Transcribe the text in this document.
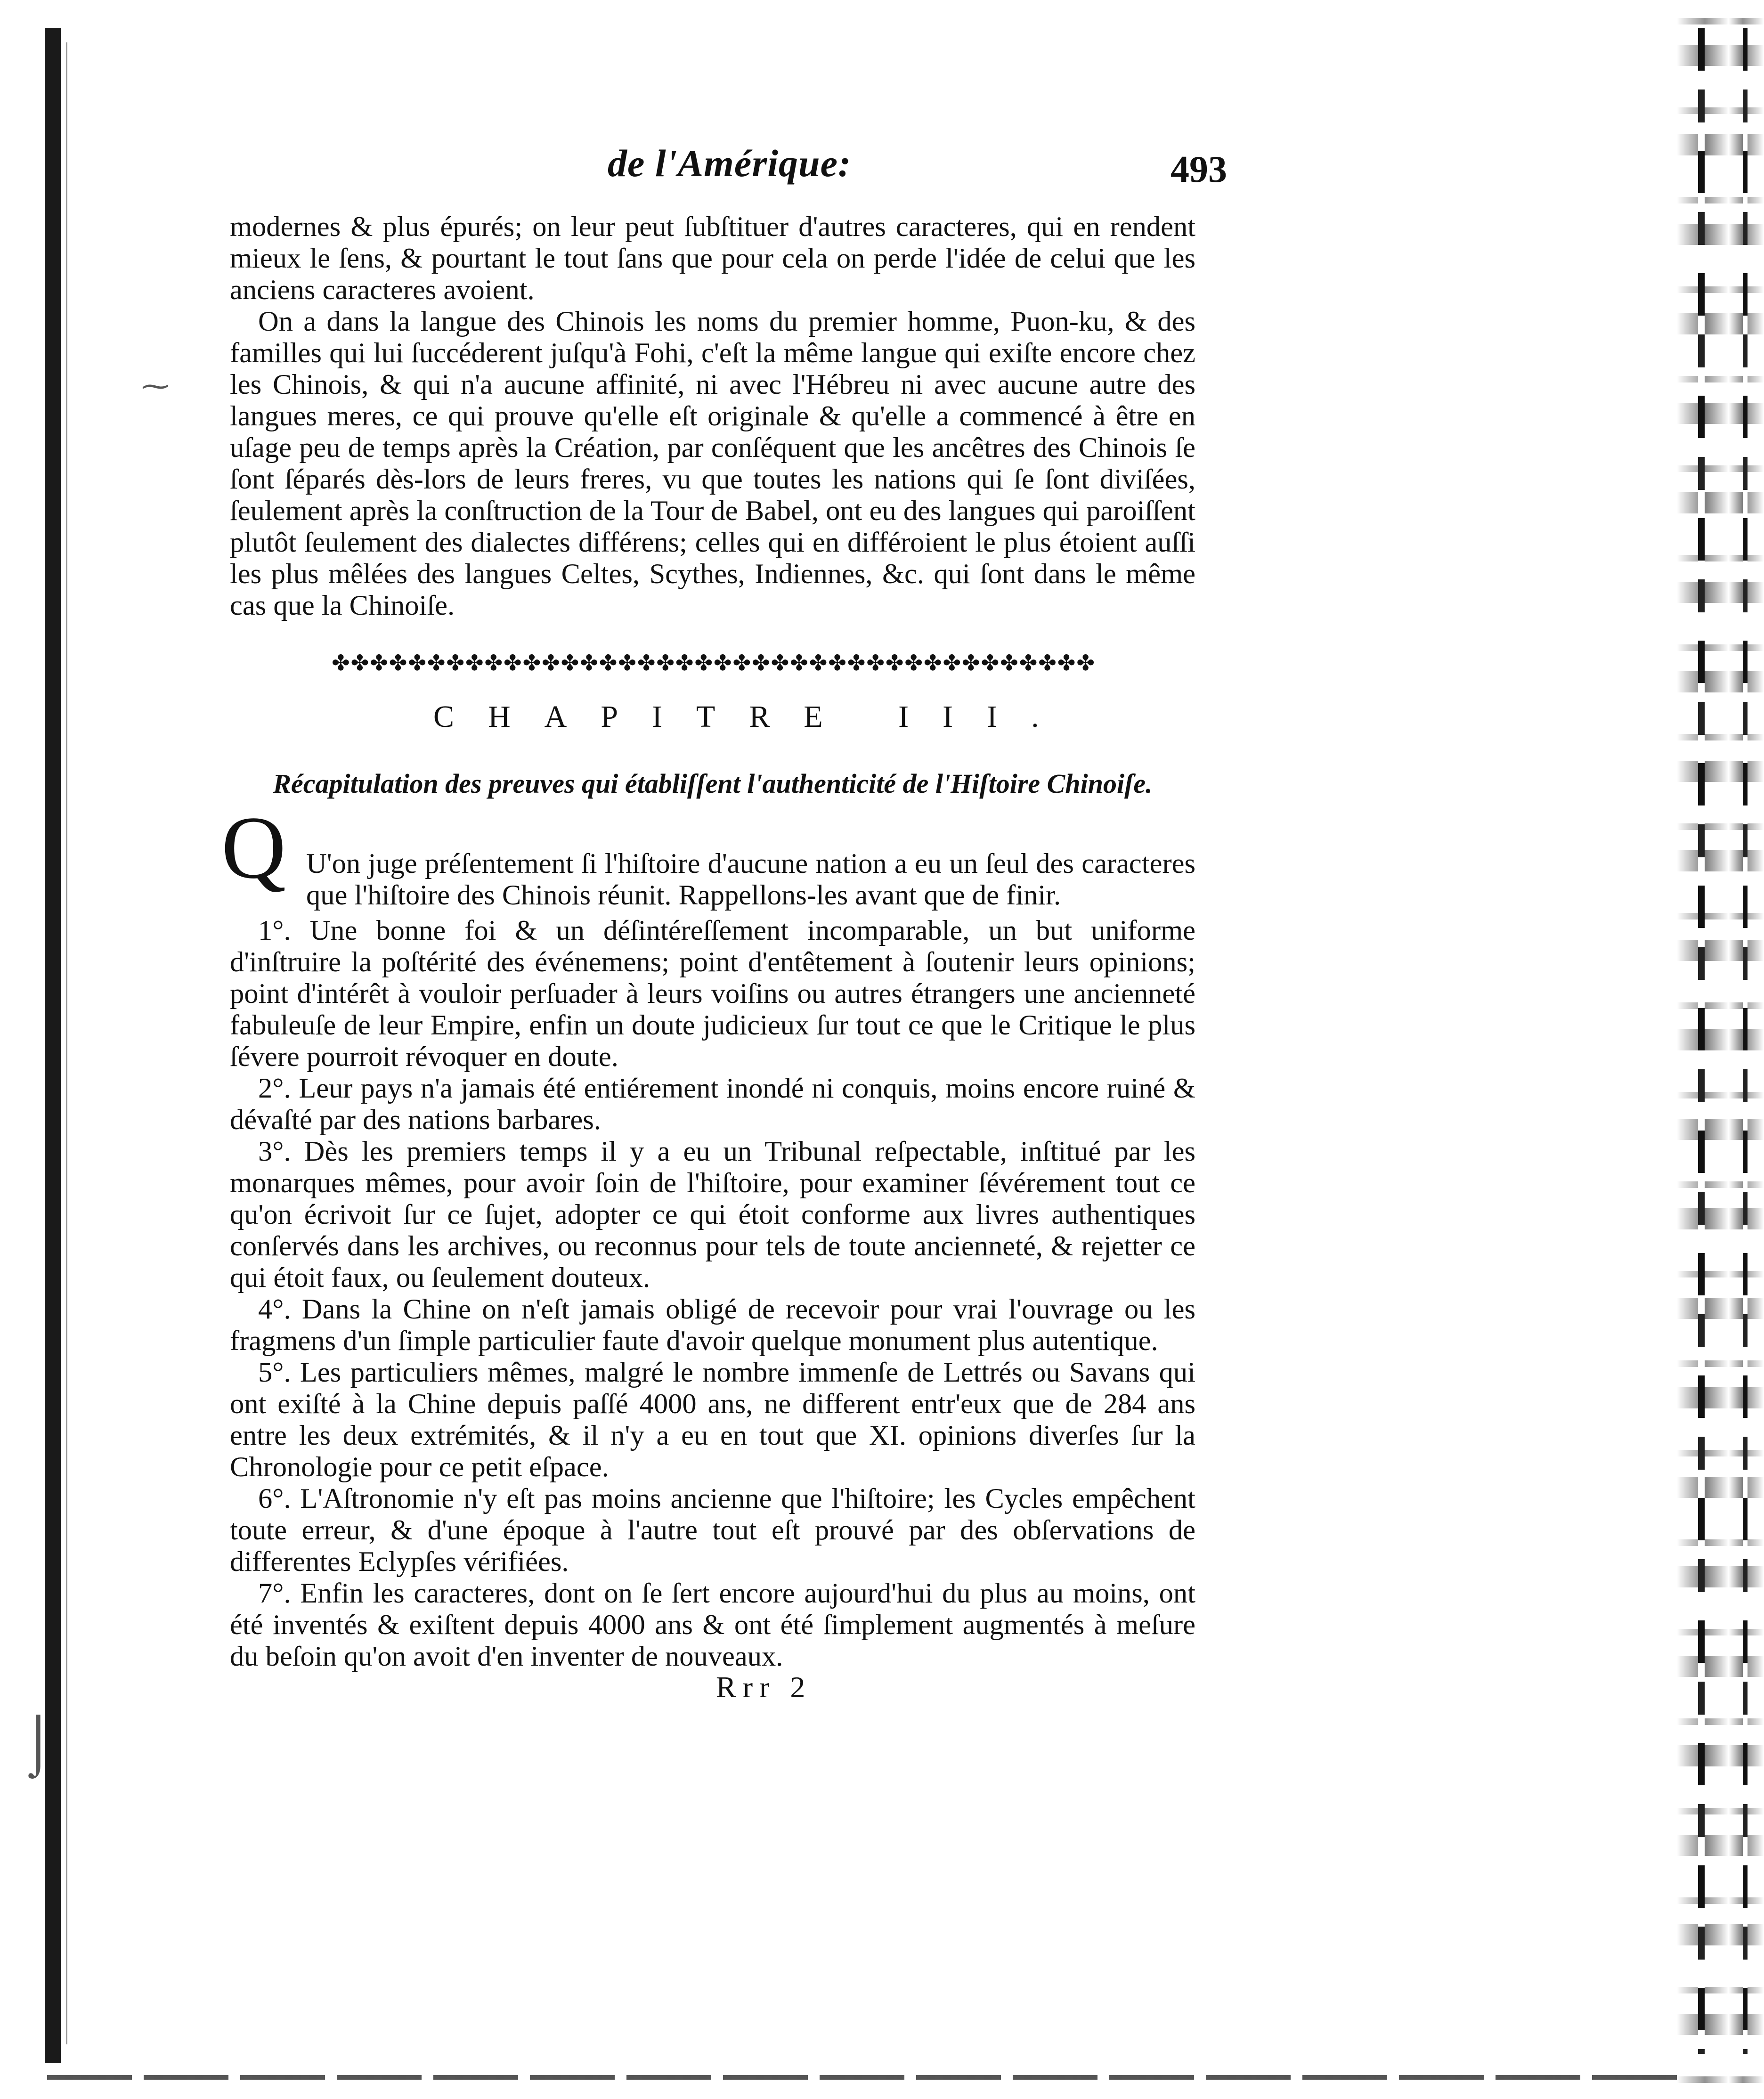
⁓
⌡
de l'Amérique:	493

modernes & plus épurés; on leur peut ſubſtituer d'autres caracteres, qui en rendent mieux le ſens, & pourtant le tout ſans que pour cela on perde l'idée de celui que les anciens caracteres avoient.

On a dans la langue des Chinois les noms du premier homme, Puon-ku, & des familles qui lui ſuccéderent juſqu'à Fohi, c'eſt la même langue qui exiſte encore chez les Chinois, & qui n'a aucune affinité, ni avec l'Hébreu ni avec aucune autre des langues meres, ce qui prouve qu'elle eſt originale & qu'elle a commencé à être en uſage peu de temps après la Création, par conſéquent que les ancêtres des Chinois ſe ſont ſéparés dès-lors de leurs freres, vu que toutes les nations qui ſe ſont diviſées, ſeulement après la conſtruction de la Tour de Babel, ont eu des langues qui paroiſſent plutôt ſeulement des dialectes différens; celles qui en différoient le plus étoient auſſi les plus mêlées des langues Celtes, Scythes, Indiennes, &c. qui ſont dans le même cas que la Chinoiſe.

✤✤✤✤✤✤✤✤✤✤✤✤✤✤✤✤✤✤✤✤✤✤✤✤✤✤✤✤✤✤✤✤✤✤✤✤✤✤✤✤
CHAPITRE III.
Récapitulation des preuves qui établiſſent l'authenticité de l'Hiſtoire Chinoiſe.
Q U'on juge préſentement ſi l'hiſtoire d'aucune nation a eu un ſeul des caracteres que l'hiſtoire des Chinois réunit. Rappellons-les avant que de finir.

1°. Une bonne foi & un déſintéreſſement incomparable, un but uniforme d'inſtruire la poſtérité des événemens; point d'entêtement à ſoutenir leurs opinions; point d'intérêt à vouloir perſuader à leurs voiſins ou autres étrangers une ancienneté fabuleuſe de leur Empire, enfin un doute judicieux ſur tout ce que le Critique le plus ſévere pourroit révoquer en doute.

2°. Leur pays n'a jamais été entiérement inondé ni conquis, moins encore ruiné & dévaſté par des nations barbares.

3°. Dès les premiers temps il y a eu un Tribunal reſpectable, inſtitué par les monarques mêmes, pour avoir ſoin de l'hiſtoire, pour examiner ſévérement tout ce qu'on écrivoit ſur ce ſujet, adopter ce qui étoit conforme aux livres authentiques conſervés dans les archives, ou reconnus pour tels de toute ancienneté, & rejetter ce qui étoit faux, ou ſeulement douteux.

4°. Dans la Chine on n'eſt jamais obligé de recevoir pour vrai l'ouvrage ou les fragmens d'un ſimple particulier faute d'avoir quelque monument plus autentique.

5°. Les particuliers mêmes, malgré le nombre immenſe de Lettrés ou Savans qui ont exiſté à la Chine depuis paſſé 4000 ans, ne different entr'eux que de 284 ans entre les deux extrémités, & il n'y a eu en tout que XI. opinions diverſes ſur la Chronologie pour ce petit eſpace.

6°. L'Aſtronomie n'y eſt pas moins ancienne que l'hiſtoire; les Cycles empêchent toute erreur, & d'une époque à l'autre tout eſt prouvé par des obſervations de differentes Eclypſes vérifiées.

7°. Enfin les caracteres, dont on ſe ſert encore aujourd'hui du plus au moins, ont été inventés & exiſtent depuis 4000 ans & ont été ſimplement augmentés à meſure du beſoin qu'on avoit d'en inventer de nouveaux.

Rrr 2
